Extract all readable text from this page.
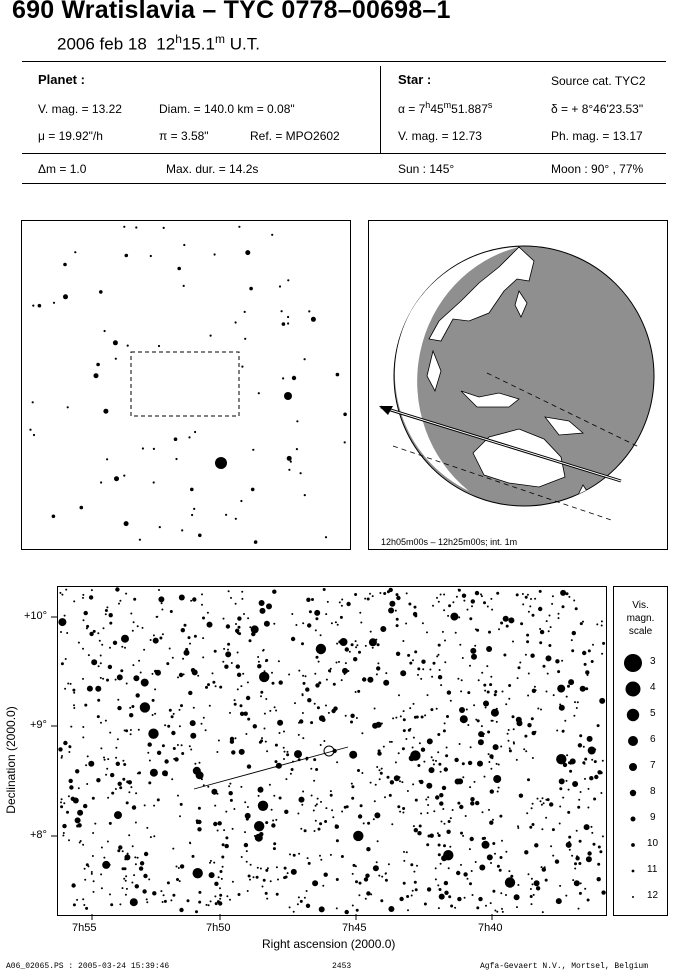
690 Wratislavia – TYC 0778–00698–1
2006 feb 18 12$^h$15.1$^m$ U.T.
Planet :
V. mag. = 13.22	Diam. = 140.0 km = 0.08"
μ = 19.92"/h	π = 3.58"	Ref. = MPO2602
Star :	Source cat. TYC2
$\alpha = 7^h45^m51.887^s$	δ = + 8°46'23.53"
V. mag. = 12.73	Ph. mag. = 13.17
Δm = 1.0	Max. dur. = 14.2s	Sun : 145°	Moon : 90° , 77%
12h05m00s – 12h25m00s; int. 1m
7h55	7h50	7h45	7h40
+10°
+9°
+8°
Right ascension (2000.0)
Declination (2000.0)
Vis.
magn.
scale
3
4
5
6
7
8
9
10
11
12
A06_02065.PS : 2005-03-24 15:39:46	2453	Agfa-Gevaert N.V., Mortsel, Belgium
